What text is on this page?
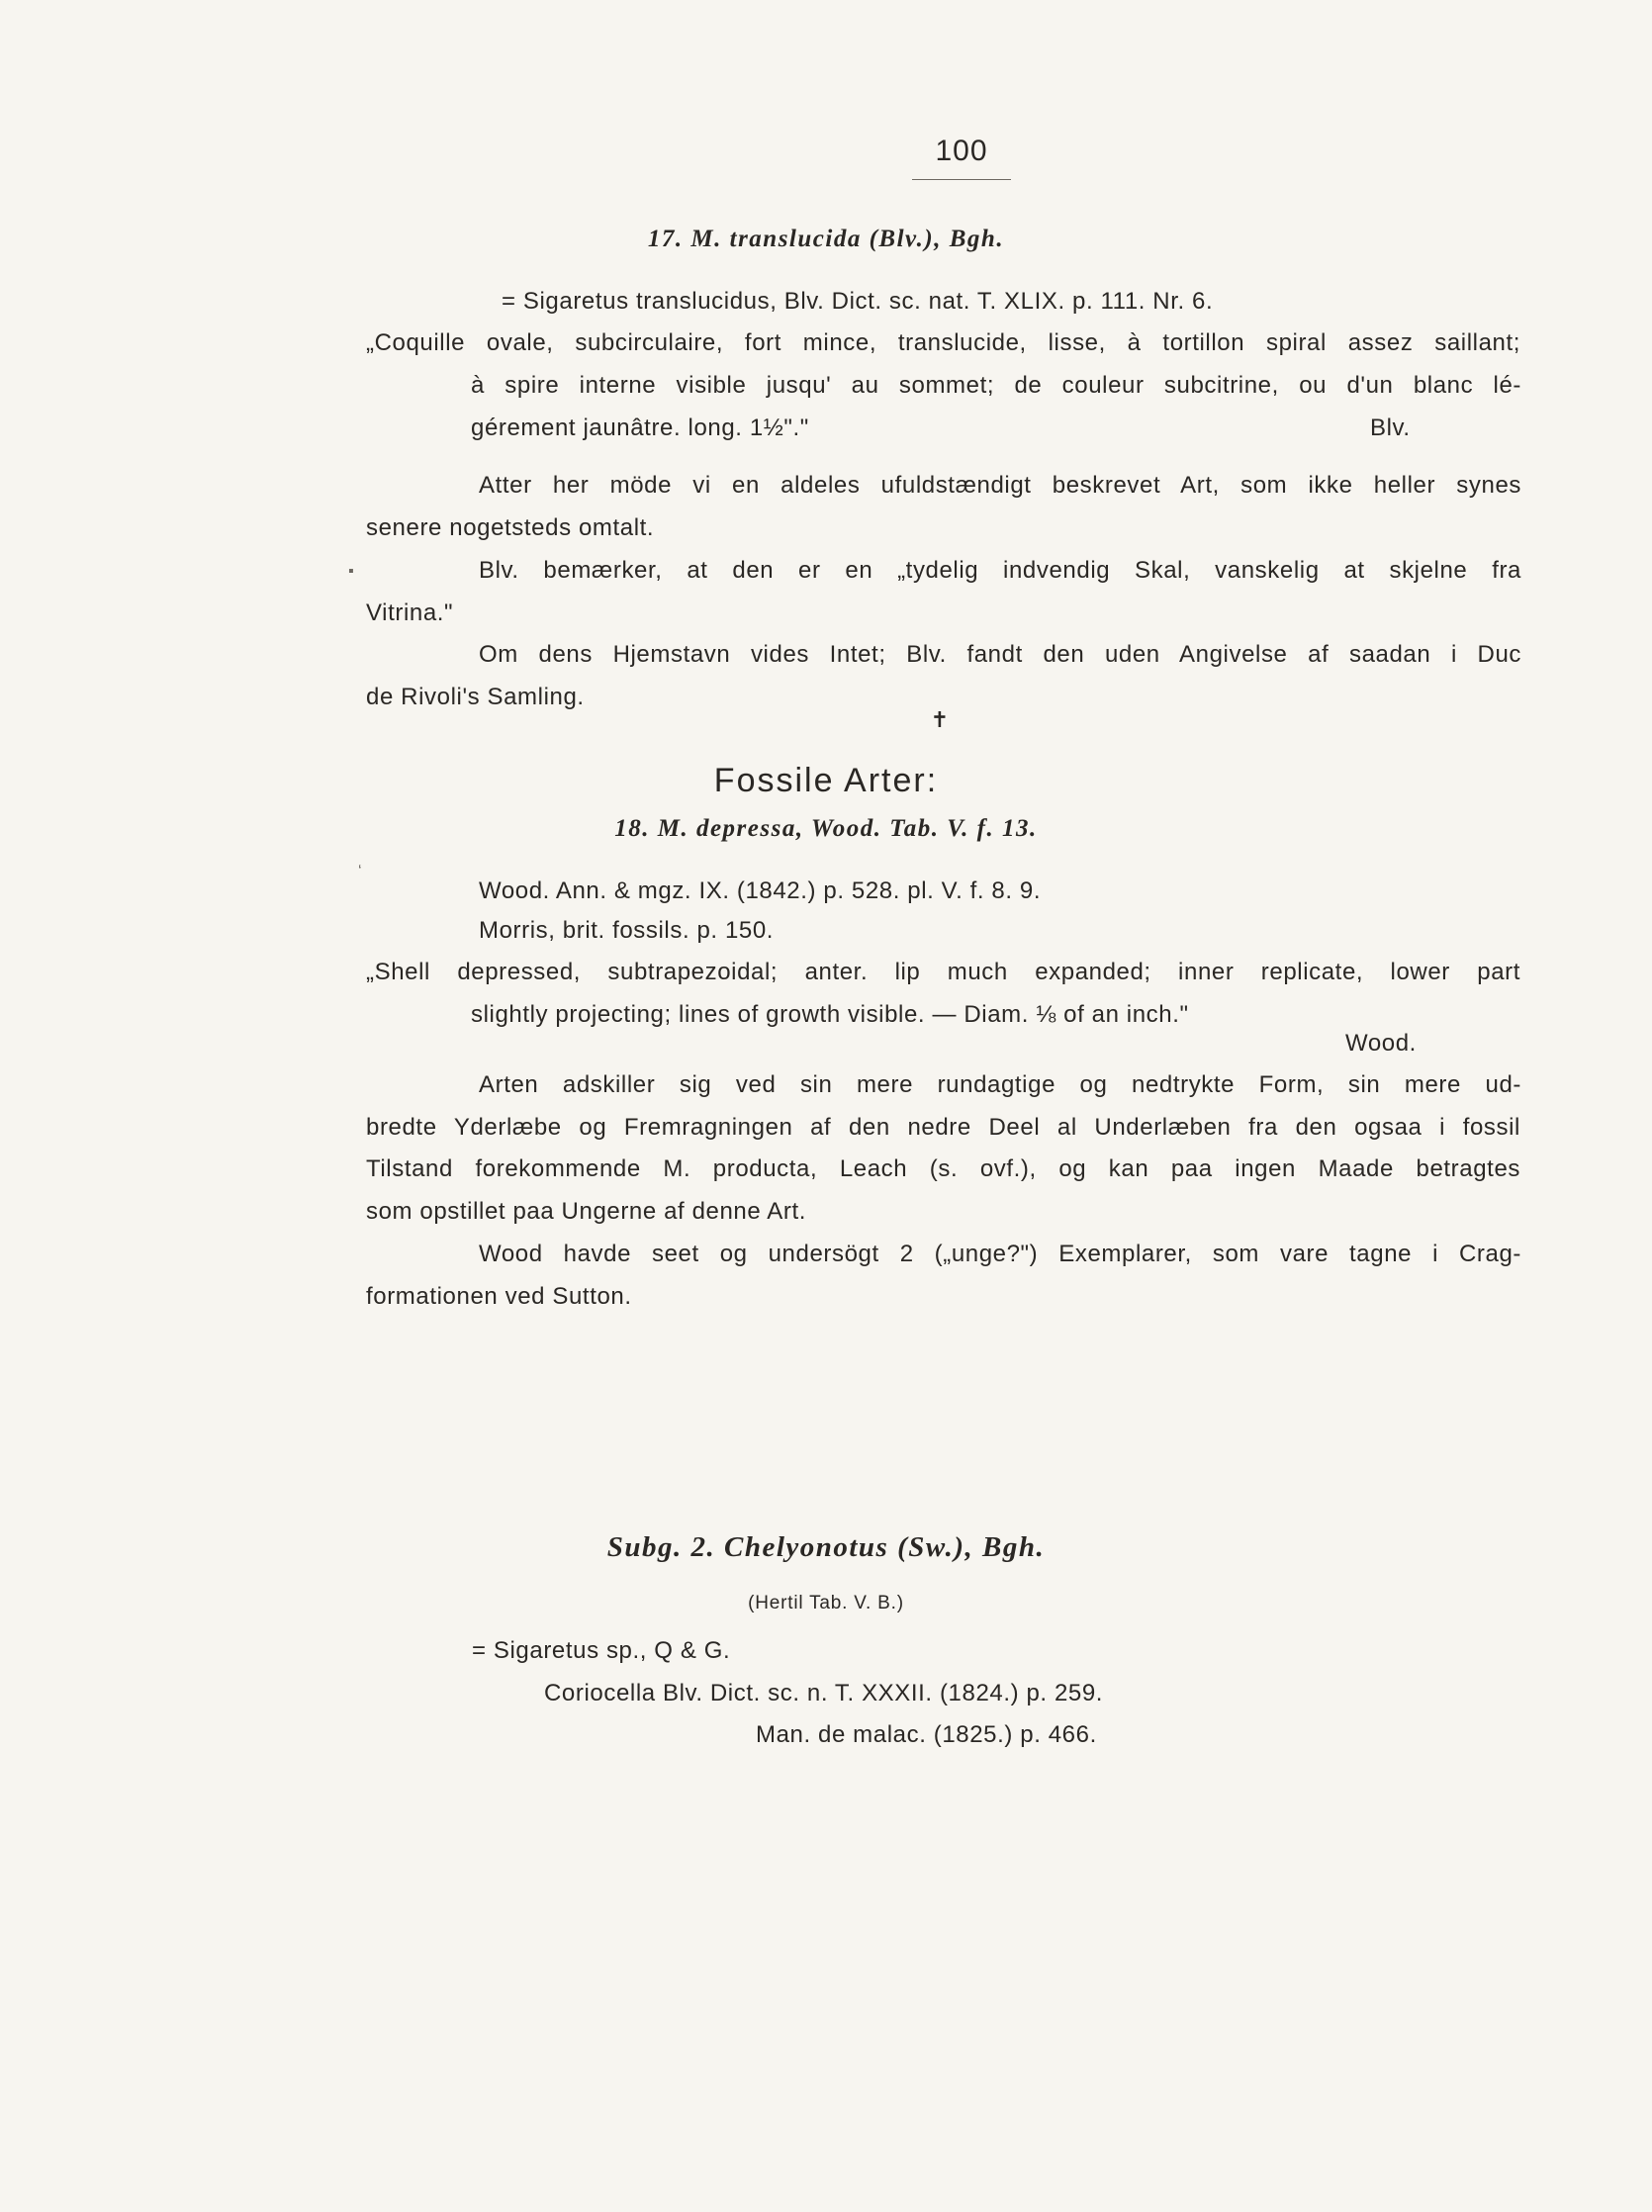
100
17. M. translucida (Blv.), Bgh.
= Sigaretus translucidus, Blv. Dict. sc. nat. T. XLIX. p. 111. Nr. 6.
„Coquille ovale, subcirculaire, fort mince, translucide, lisse, à tortillon spiral assez saillant;
à spire interne visible jusqu' au sommet; de couleur subcitrine, ou d'un blanc lé-
gérement jaunâtre. long. 1½"."	Blv.
Atter her möde vi en aldeles ufuldstændigt beskrevet Art, som ikke heller synes
senere nogetsteds omtalt.
Blv. bemærker, at den er en „tydelig indvendig Skal, vanskelig at skjelne fra
Vitrina."
Om dens Hjemstavn vides Intet; Blv. fandt den uden Angivelse af saadan i Duc
de Rivoli's Samling.
✝
Fossile Arter:
18. M. depressa, Wood. Tab. V. f. 13.
Wood. Ann. & mgz. IX. (1842.) p. 528. pl. V. f. 8. 9.
Morris, brit. fossils. p. 150.
„Shell depressed, subtrapezoidal; anter. lip much expanded; inner replicate, lower part
slightly projecting; lines of growth visible. — Diam. ⅛ of an inch."
Wood.
Arten adskiller sig ved sin mere rundagtige og nedtrykte Form, sin mere ud-
bredte Yderlæbe og Fremragningen af den nedre Deel al Underlæben fra den ogsaa i fossil
Tilstand forekommende M. producta, Leach (s. ovf.), og kan paa ingen Maade betragtes
som opstillet paa Ungerne af denne Art.
Wood havde seet og undersögt 2 („unge?") Exemplarer, som vare tagne i Crag-
formationen ved Sutton.
Subg. 2. Chelyonotus (Sw.), Bgh.
(Hertil Tab. V. B.)
= Sigaretus sp., Q & G.
Coriocella Blv. Dict. sc. n. T. XXXII. (1824.) p. 259.
Man. de malac. (1825.) p. 466.
▪
‘
